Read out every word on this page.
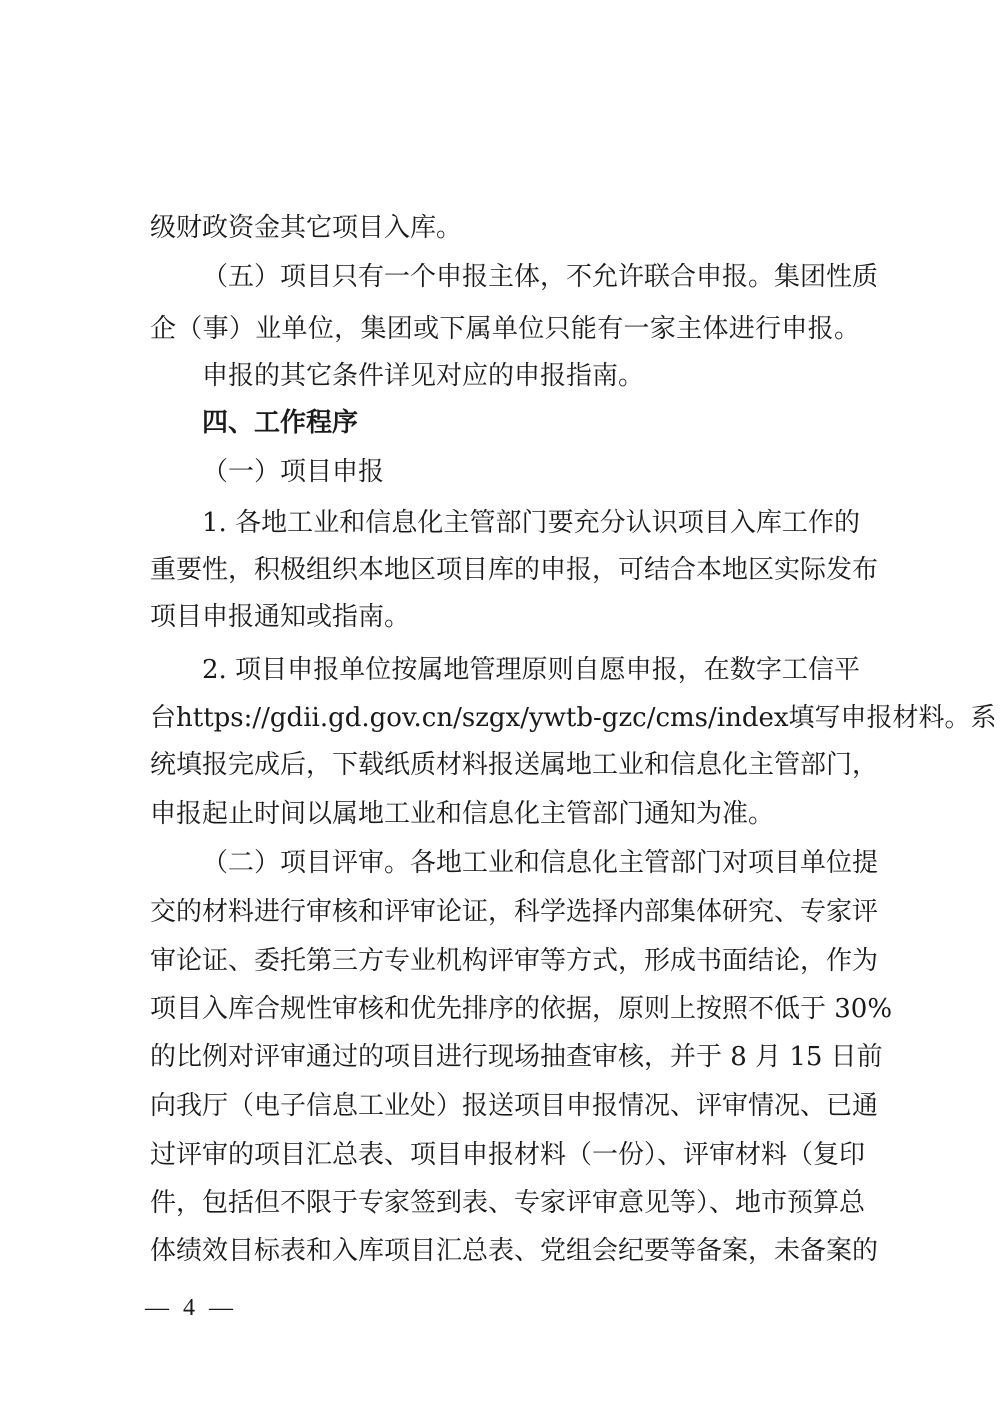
级财政资金其它项目入库。
（五）项目只有一个申报主体，不允许联合申报。集团性质
企（事）业单位，集团或下属单位只能有一家主体进行申报。
申报的其它条件详见对应的申报指南。
四、工作程序
（一）项目申报
1. 各地工业和信息化主管部门要充分认识项目入库工作的
重要性，积极组织本地区项目库的申报，可结合本地区实际发布
项目申报通知或指南。
2. 项目申报单位按属地管理原则自愿申报，在数字工信平
台https://gdii.gd.gov.cn/szgx/ywtb-gzc/cms/index填写申报材料。系
统填报完成后，下载纸质材料报送属地工业和信息化主管部门，
申报起止时间以属地工业和信息化主管部门通知为准。
（二）项目评审。各地工业和信息化主管部门对项目单位提
交的材料进行审核和评审论证，科学选择内部集体研究、专家评
审论证、委托第三方专业机构评审等方式，形成书面结论，作为
项目入库合规性审核和优先排序的依据，原则上按照不低于 30%
的比例对评审通过的项目进行现场抽查审核，并于 8 月 15 日前
向我厅（电子信息工业处）报送项目申报情况、评审情况、已通
过评审的项目汇总表、项目申报材料（一份）、评审材料（复印
件，包括但不限于专家签到表、专家评审意见等）、地市预算总
体绩效目标表和入库项目汇总表、党组会纪要等备案，未备案的
— 4 —
